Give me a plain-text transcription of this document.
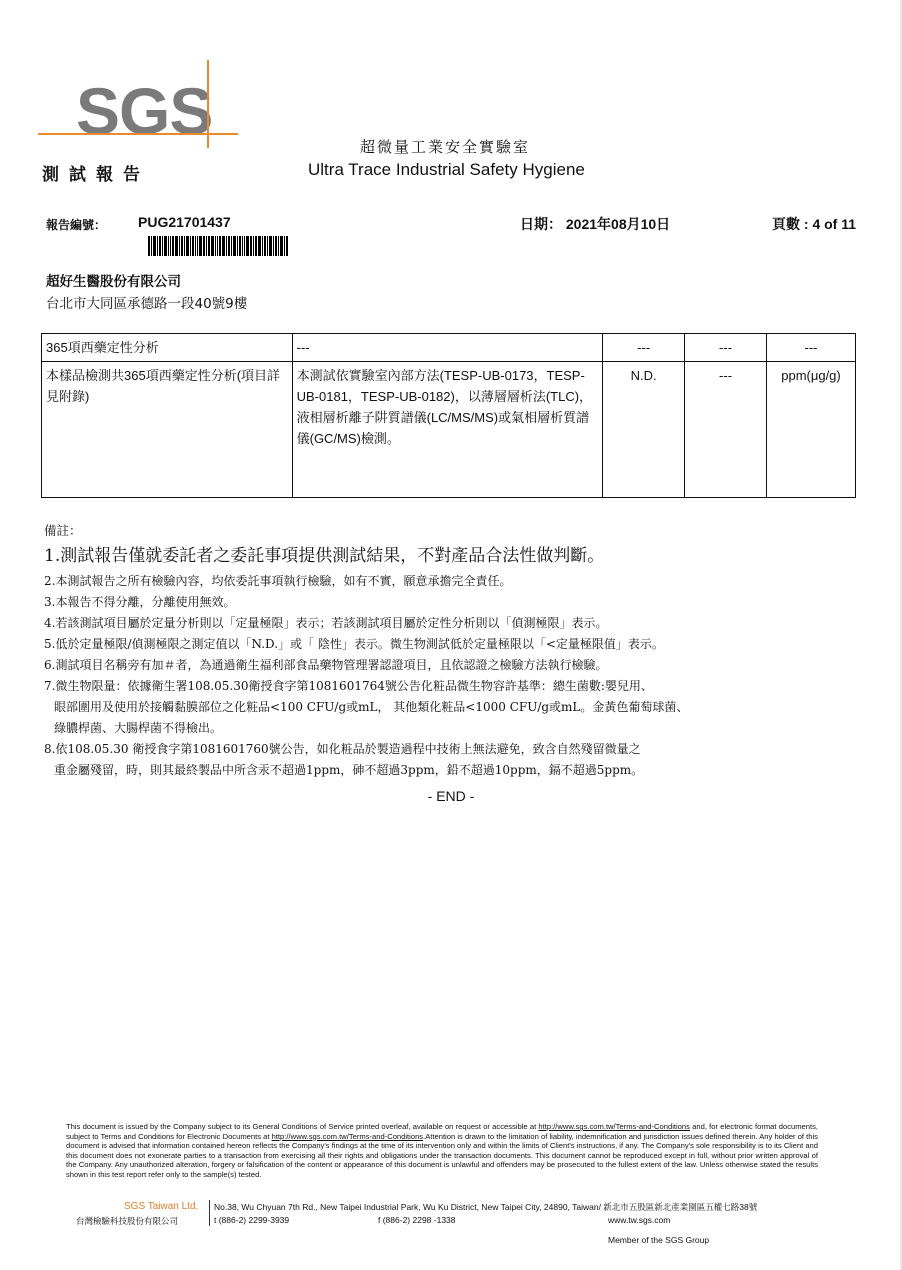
SGS	超微量工業安全實驗室
Ultra Trace Industrial Safety Hygiene
測試報告
報告編號： PUG21701437	日期： 2021年08月10日	頁數 : 4 of 11
超好生醫股份有限公司
台北市大同區承德路一段40號9樓
365項西藥定性分析	---	---	---	---
本樣品檢測共365項西藥定性分析(項目詳見附錄)	本測試依實驗室內部方法(TESP-UB-0173，TESP-UB-0181，TESP-UB-0182)，以薄層層析法(TLC)，液相層析離子阱質譜儀(LC/MS/MS)或氣相層析質譜儀(GC/MS)檢測。	N.D.	---	ppm(μg/g)
備註：
1.測試報告僅就委託者之委託事項提供測試結果，不對產品合法性做判斷。
2.本測試報告之所有檢驗內容，均依委託事項執行檢驗，如有不實，願意承擔完全責任。
3.本報告不得分離，分離使用無效。
4.若該測試項目屬於定量分析則以「定量極限」表示；若該測試項目屬於定性分析則以「偵測極限」表示。
5.低於定量極限/偵測極限之測定值以「N.D.」或「 陰性」表示。微生物測試低於定量極限以「<定量極限值」表示。
6.測試項目名稱旁有加＃者，為通過衛生福利部食品藥物管理署認證項目，且依認證之檢驗方法執行檢驗。
7.微生物限量：依據衛生署108.05.30衛授食字第1081601764號公告化粧品微生物容許基準：總生菌數:嬰兒用、
眼部圍用及使用於接觸黏膜部位之化粧品<100 CFU/g或mL， 其他類化粧品<1000 CFU/g或mL。金黃色葡萄球菌、
綠膿桿菌、大腸桿菌不得檢出。
8.依108.05.30 衛授食字第1081601760號公告，如化粧品於製造過程中技術上無法避免，致含自然殘留微量之
重金屬殘留，時，則其最終製品中所含汞不超過1ppm，砷不超過3ppm，鉛不超過10ppm，鎘不超過5ppm。
- END -
This document is issued by the Company subject to its General Conditions of Service printed overleaf, available on request or accessible at http://www.sgs.com.tw/Terms-and-Conditions and, for electronic format documents, subject to Terms and Conditions for Electronic Documents at http://www.sgs.com.tw/Terms-and-Conditions.Attention is drawn to the limitation of liability, indemnification and jurisdiction issues defined therein. Any holder of this document is advised that information contained hereon reflects the Company's findings at the time of its intervention only and within the limits of Client's instructions, if any. The Company's sole responsibility is to its Client and this document does not exonerate parties to a transaction from exercising all their rights and obligations under the transaction documents. This document cannot be reproduced except in full, without prior written approval of the Company. Any unauthorized alteration, forgery or falsification of the content or appearance of this document is unlawful and offenders may be prosecuted to the fullest extent of the law. Unless otherwise stated the results shown in this test report refer only to the sample(s) tested.
SGS Taiwan Ltd.
台灣檢驗科技股份有限公司
No.38, Wu Chyuan 7th Rd., New Taipei Industrial Park, Wu Ku District, New Taipei City, 24890, Taiwan/ 新北市五股區新北產業園區五權七路38號
t (886-2) 2299-3939	f (886-2) 2298 -1338	www.tw.sgs.com
Member of the SGS Group
